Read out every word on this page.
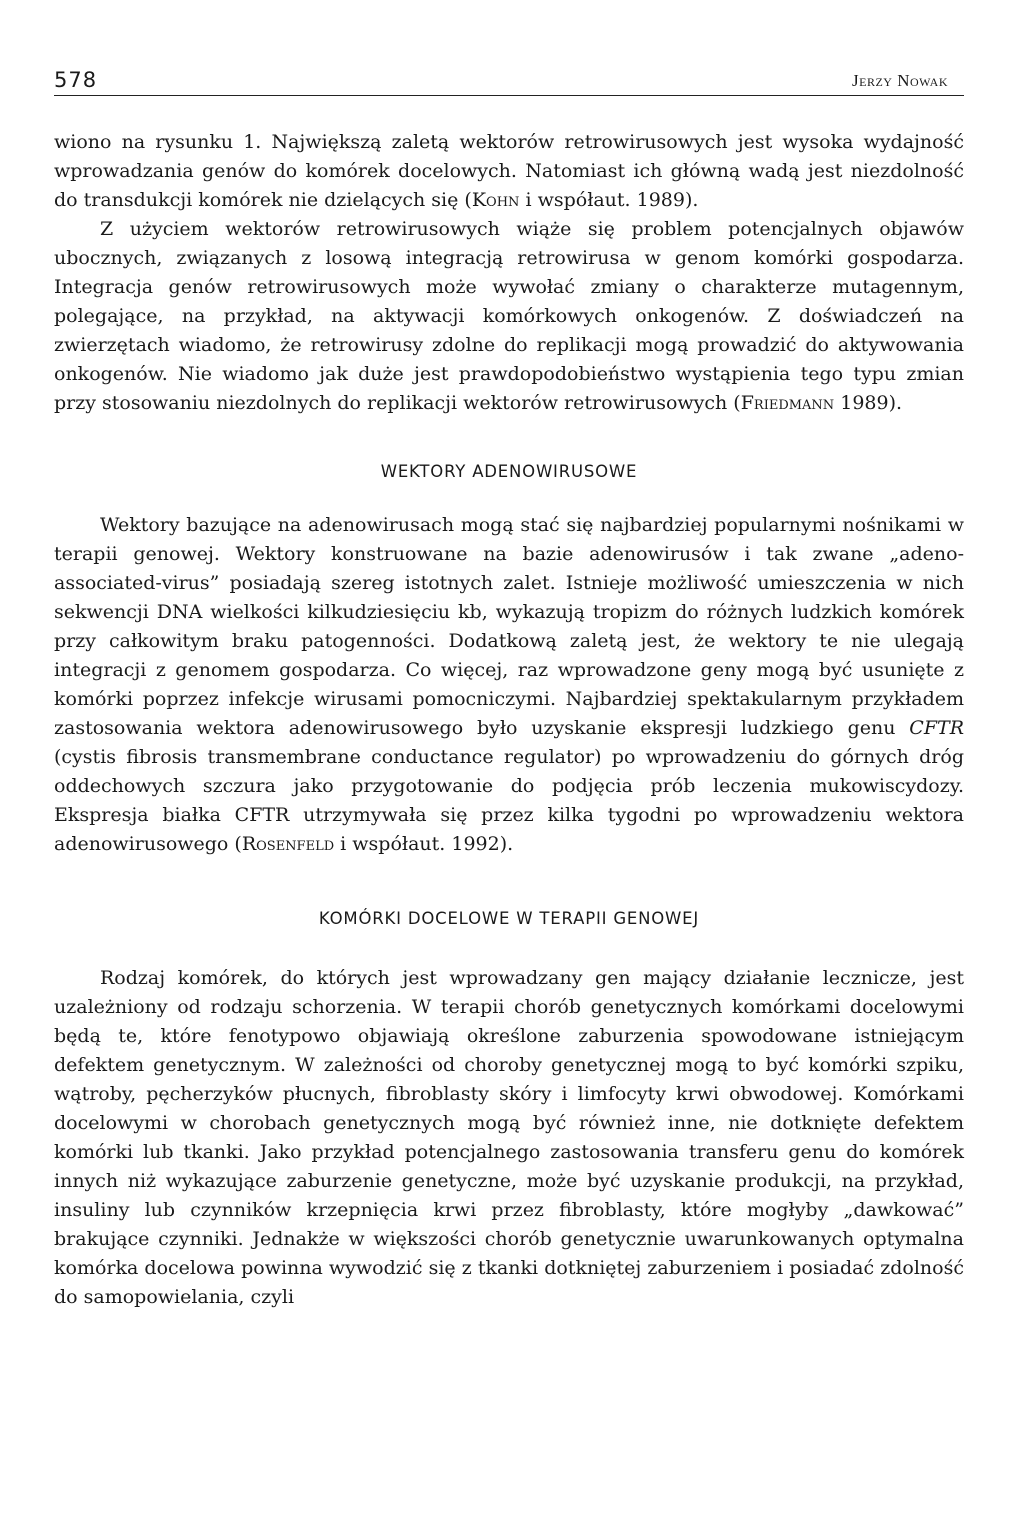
578	Jerzy Nowak

wiono na rysunku 1. Największą zaletą wektorów retrowirusowych jest wysoka wydajność wprowadzania genów do komórek docelowych. Natomiast ich główną wadą jest niezdolność do transdukcji komórek nie dzielących się (Kohn i współaut. 1989).

Z użyciem wektorów retrowirusowych wiąże się problem potencjalnych objawów ubocznych, związanych z losową integracją retrowirusa w genom komórki gospodarza. Integracja genów retrowirusowych może wywołać zmiany o charakterze mutagennym, polegające, na przykład, na aktywacji komórkowych onkogenów. Z doświadczeń na zwierzętach wiadomo, że retrowirusy zdolne do replikacji mogą prowadzić do aktywowania onkogenów. Nie wiadomo jak duże jest prawdopodobieństwo wystąpienia tego typu zmian przy stosowaniu niezdolnych do replikacji wektorów retrowirusowych (Friedmann 1989).

WEKTORY ADENOWIRUSOWE

Wektory bazujące na adenowirusach mogą stać się najbardziej popularnymi nośnikami w terapii genowej. Wektory konstruowane na bazie adenowirusów i tak zwane „adeno-associated-virus” posiadają szereg istotnych zalet. Istnieje możliwość umieszczenia w nich sekwencji DNA wielkości kilkudziesięciu kb, wykazują tropizm do różnych ludzkich komórek przy całkowitym braku patogenności. Dodatkową zaletą jest, że wektory te nie ulegają integracji z genomem gospodarza. Co więcej, raz wprowadzone geny mogą być usunięte z komórki poprzez infekcje wirusami pomocniczymi. Najbardziej spektakularnym przykładem zastosowania wektora adenowirusowego było uzyskanie ekspresji ludzkiego genu CFTR (cystis fibrosis transmembrane conductance regulator) po wprowadzeniu do górnych dróg oddechowych szczura jako przygotowanie do podjęcia prób leczenia mukowiscydozy. Ekspresja białka CFTR utrzymywała się przez kilka tygodni po wprowadzeniu wektora adenowirusowego (Rosenfeld i współaut. 1992).

KOMÓRKI DOCELOWE W TERAPII GENOWEJ

Rodzaj komórek, do których jest wprowadzany gen mający działanie lecznicze, jest uzależniony od rodzaju schorzenia. W terapii chorób genetycznych komórkami docelowymi będą te, które fenotypowo objawiają określone zaburzenia spowodowane istniejącym defektem genetycznym. W zależności od choroby genetycznej mogą to być komórki szpiku, wątroby, pęcherzyków płucnych, fibroblasty skóry i limfocyty krwi obwodowej. Komórkami docelowymi w chorobach genetycznych mogą być również inne, nie dotknięte defektem komórki lub tkanki. Jako przykład potencjalnego zastosowania transferu genu do komórek innych niż wykazujące zaburzenie genetyczne, może być uzyskanie produkcji, na przykład, insuliny lub czynników krzepnięcia krwi przez fibroblasty, które mogłyby „dawkować” brakujące czynniki. Jednakże w większości chorób genetycznie uwarunkowanych optymalna komórka docelowa powinna wywodzić się z tkanki dotkniętej zaburzeniem i posiadać zdolność do samopowielania, czyli
